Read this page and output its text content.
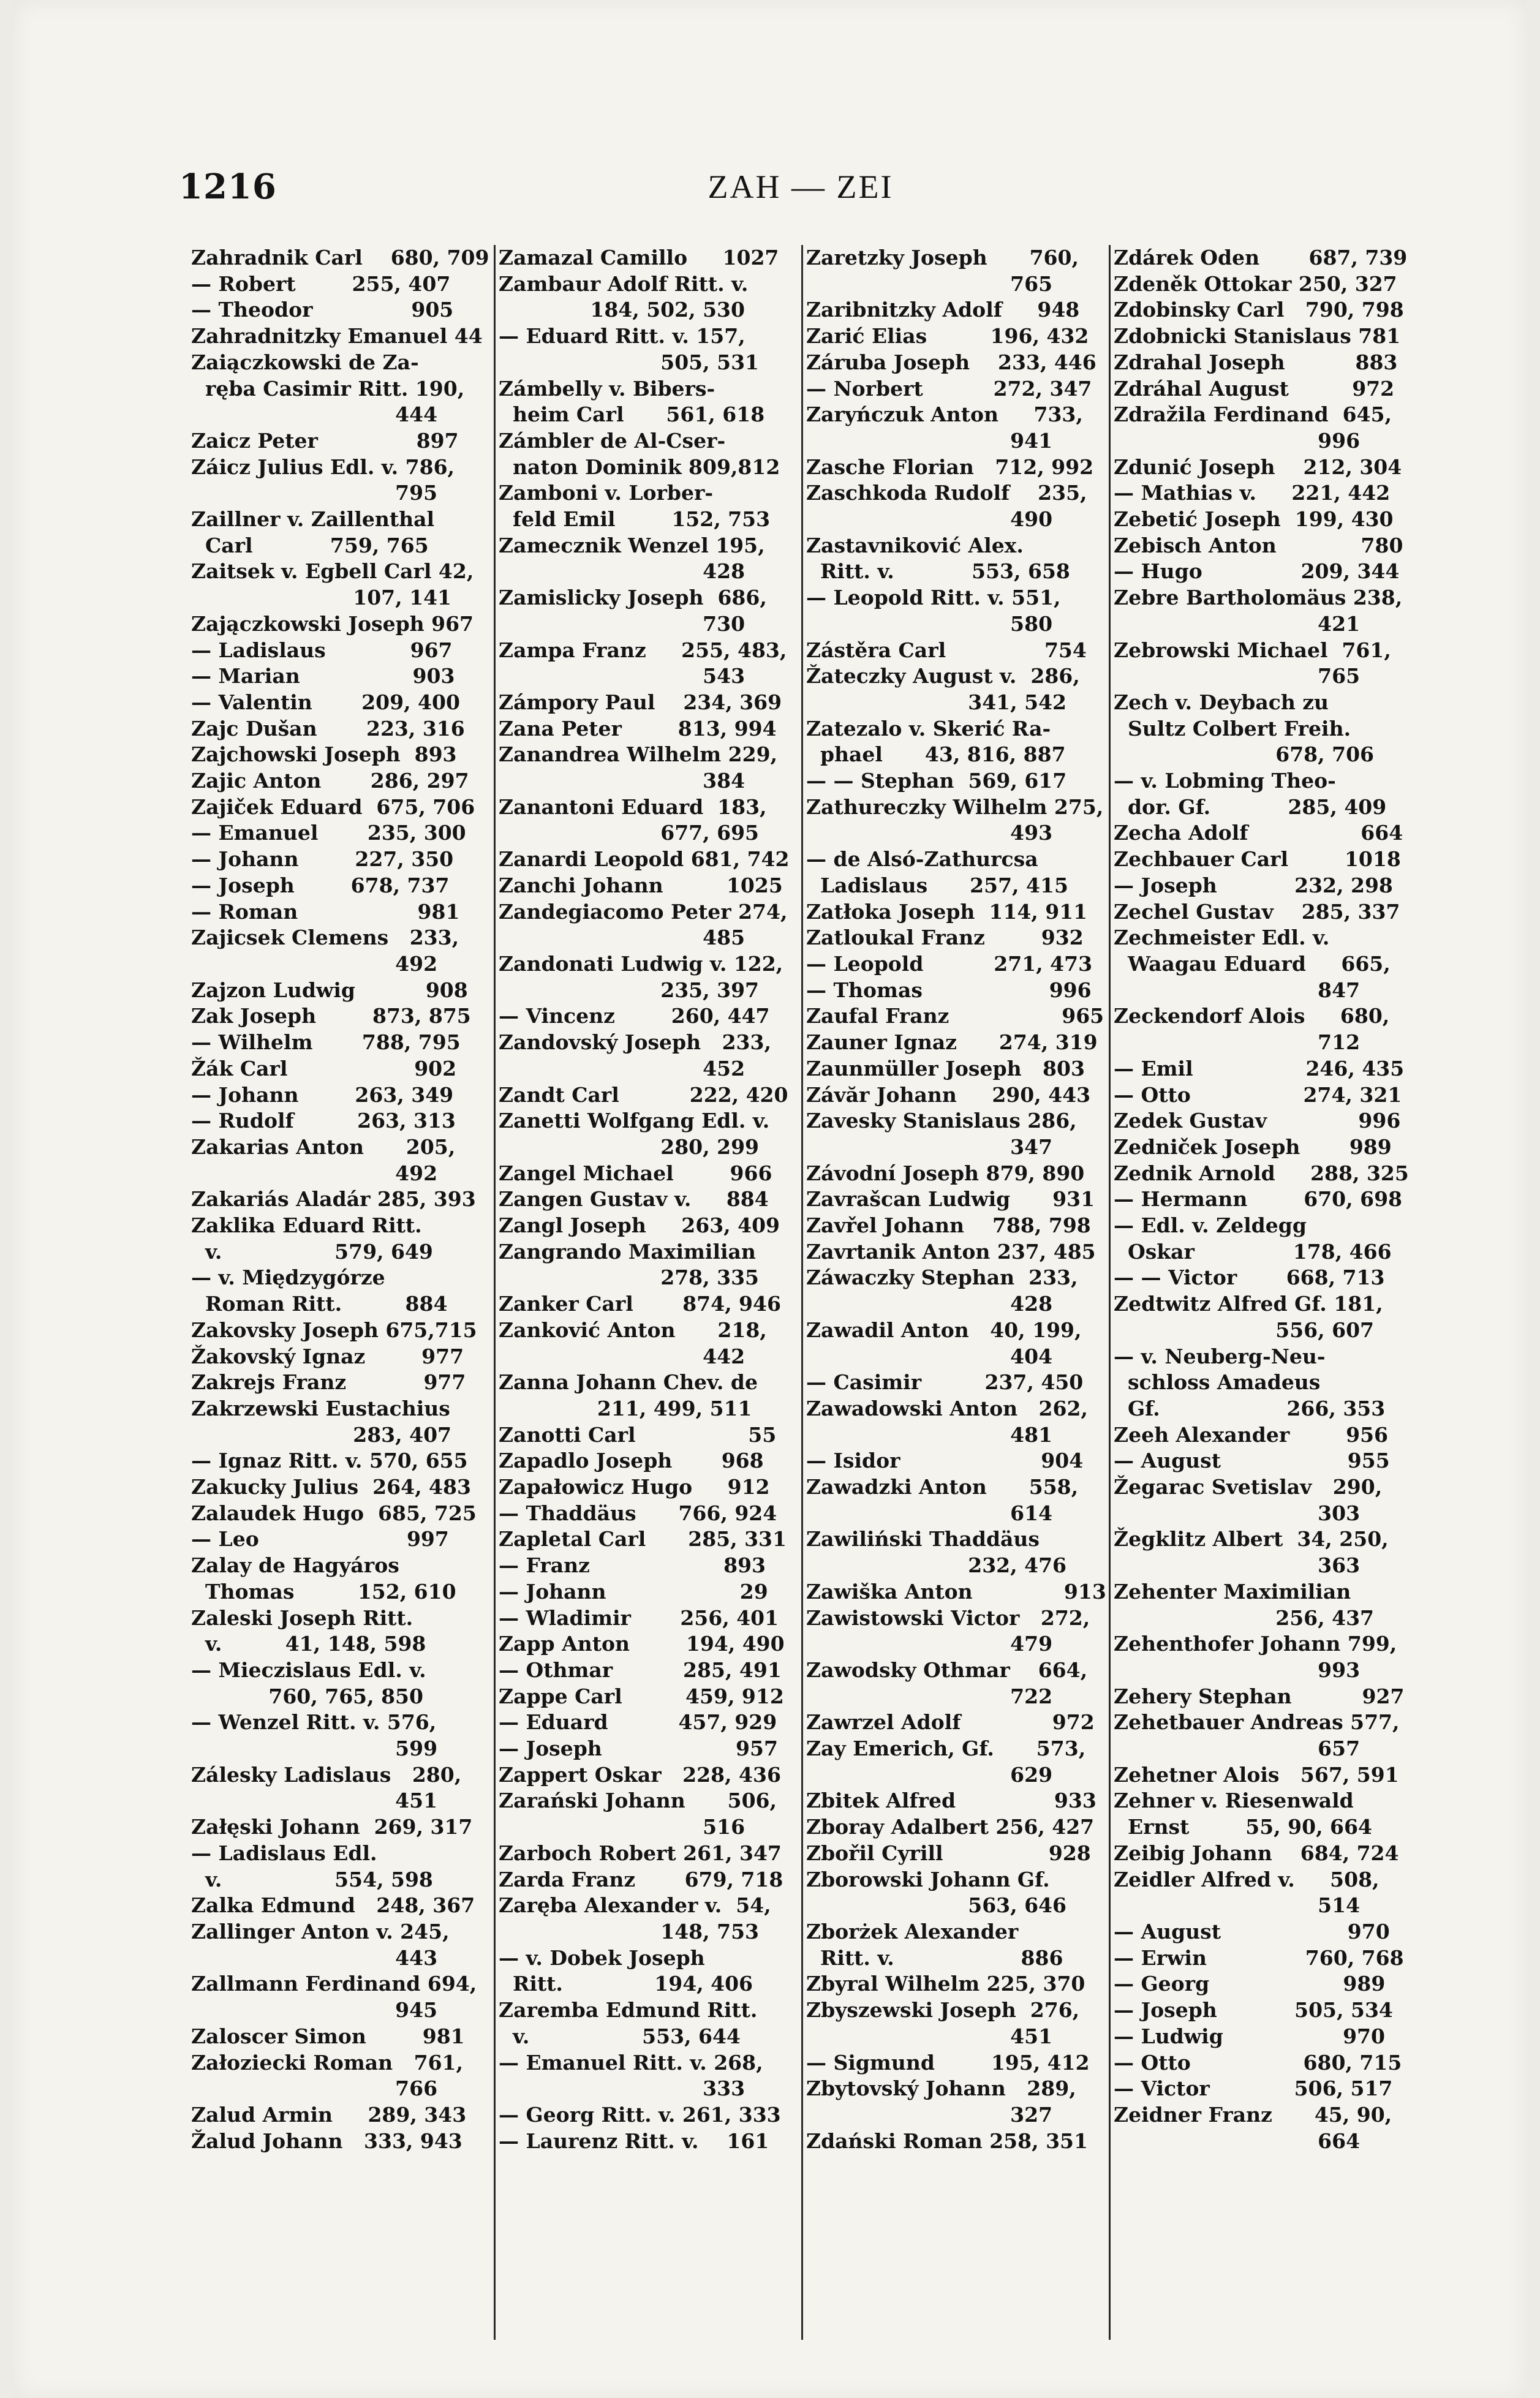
1216	ZAH — ZEI
Zahradnik Carl    680, 709
— Robert        255, 407
— Theodor              905
Zahradnitzky Emanuel 44
Zaiączkowski de Za-
ręba Casimir Ritt. 190,
444
Zaicz Peter              897
Záicz Julius Edl. v. 786,
795
Zaillner v. Zaillenthal
Carl           759, 765
Zaitsek v. Egbell Carl 42,
107, 141
Zajączkowski Joseph 967
— Ladislaus            967
— Marian                903
— Valentin       209, 400
Zajc Dušan       223, 316
Zajchowski Joseph  893
Zajic Anton       286, 297
Zajiček Eduard  675, 706
— Emanuel       235, 300
— Johann        227, 350
— Joseph        678, 737
— Roman                 981
Zajicsek Clemens   233,
492
Zajzon Ludwig          908
Zak Joseph        873, 875
— Wilhelm       788, 795
Žák Carl                  902
— Johann        263, 349
— Rudolf         263, 313
Zakarias Anton      205,
492
Zakariás Aladár 285, 393
Zaklika Eduard Ritt.
v.                579, 649
— v. Międzygórze
Roman Ritt.         884
Zakovsky Joseph 675,715
Žakovský Ignaz        977
Zakrejs Franz           977
Zakrzewski Eustachius
283, 407
— Ignaz Ritt. v. 570, 655
Zakucky Julius  264, 483
Zalaudek Hugo  685, 725
— Leo                     997
Zalay de Hagyáros
Thomas         152, 610
Zaleski Joseph Ritt.
v.         41, 148, 598
— Mieczislaus Edl. v.
760, 765, 850
— Wenzel Ritt. v. 576,
599
Zálesky Ladislaus   280,
451
Załęski Johann  269, 317
— Ladislaus Edl.
v.                554, 598
Zalka Edmund   248, 367
Zallinger Anton v. 245,
443
Zallmann Ferdinand 694,
945
Zaloscer Simon        981
Załoziecki Roman   761,
766
Zalud Armin     289, 343
Žalud Johann   333, 943
Zamazal Camillo     1027
Zambaur Adolf Ritt. v.
184, 502, 530
— Eduard Ritt. v. 157,
505, 531
Zámbelly v. Bibers-
heim Carl      561, 618
Zámbler de Al-Cser-
naton Dominik 809,812
Zamboni v. Lorber-
feld Emil        152, 753
Zamecznik Wenzel 195,
428
Zamislicky Joseph  686,
730
Zampa Franz     255, 483,
543
Zámpory Paul    234, 369
Zana Peter        813, 994
Zanandrea Wilhelm 229,
384
Zanantoni Eduard  183,
677, 695
Zanardi Leopold 681, 742
Zanchi Johann         1025
Zandegiacomo Peter 274,
485
Zandonati Ludwig v. 122,
235, 397
— Vincenz        260, 447
Zandovský Joseph   233,
452
Zandt Carl          222, 420
Zanetti Wolfgang Edl. v.
280, 299
Zangel Michael        966
Zangen Gustav v.     884
Zangl Joseph     263, 409
Zangrando Maximilian
278, 335
Zanker Carl       874, 946
Zanković Anton      218,
442
Zanna Johann Chev. de
211, 499, 511
Zanotti Carl                55
Zapadlo Joseph       968
Zapałowicz Hugo     912
— Thaddäus      766, 924
Zapletal Carl      285, 331
— Franz                   893
— Johann                   29
— Wladimir       256, 401
Zapp Anton        194, 490
— Othmar          285, 491
Zappe Carl         459, 912
— Eduard          457, 929
— Joseph                   957
Zappert Oskar   228, 436
Zarański Johann      506,
516
Zarboch Robert 261, 347
Zarda Franz       679, 718
Zaręba Alexander v.  54,
148, 753
— v. Dobek Joseph
Ritt.             194, 406
Zaremba Edmund Ritt.
v.                553, 644
— Emanuel Ritt. v. 268,
333
— Georg Ritt. v. 261, 333
— Laurenz Ritt. v.    161
Zaretzky Joseph      760,
765
Zaribnitzky Adolf     948
Zarić Elias         196, 432
Záruba Joseph    233, 446
— Norbert          272, 347
Zaryńczuk Anton     733,
941
Zasche Florian   712, 992
Zaschkoda Rudolf    235,
490
Zastavniković Alex.
Ritt. v.           553, 658
— Leopold Ritt. v. 551,
580
Zástěra Carl              754
Žateczky August v.  286,
341, 542
Zatezalo v. Skerić Ra-
phael      43, 816, 887
— — Stephan  569, 617
Zathureczky Wilhelm 275,
493
— de Alsó-Zathurcsa
Ladislaus      257, 415
Zatłoka Joseph  114, 911
Zatloukal Franz        932
— Leopold          271, 473
— Thomas                  996
Zaufal Franz                965
Zauner Ignaz      274, 319
Zaunmüller Joseph   803
Závăr Johann     290, 443
Zavesky Stanislaus 286,
347
Závodní Joseph 879, 890
Zavrašcan Ludwig      931
Zavřel Johann    788, 798
Zavrtanik Anton 237, 485
Záwaczky Stephan  233,
428
Zawadil Anton   40, 199,
404
— Casimir         237, 450
Zawadowski Anton   262,
481
— Isidor                    904
Zawadzki Anton      558,
614
Zawiliński Thaddäus
232, 476
Zawiška Anton             913
Zawistowski Victor   272,
479
Zawodsky Othmar    664,
722
Zawrzel Adolf             972
Zay Emerich, Gf.      573,
629
Zbitek Alfred              933
Zboray Adalbert 256, 427
Zbořil Cyrill               928
Zborowski Johann Gf.
563, 646
Zborżek Alexander
Ritt. v.                  886
Zbyral Wilhelm 225, 370
Zbyszewski Joseph  276,
451
— Sigmund        195, 412
Zbytovský Johann   289,
327
Zdański Roman 258, 351
Zdárek Oden       687, 739
Zdeněk Ottokar 250, 327
Zdobinsky Carl   790, 798
Zdobnicki Stanislaus 781
Zdrahal Joseph          883
Zdráhal August         972
Zdražila Ferdinand  645,
996
Zdunić Joseph    212, 304
— Mathias v.     221, 442
Zebetić Joseph  199, 430
Zebisch Anton            780
— Hugo              209, 344
Zebre Bartholomäus 238,
421
Zebrowski Michael  761,
765
Zech v. Deybach zu
Sultz Colbert Freih.
678, 706
— v. Lobming Theo-
dor. Gf.           285, 409
Zecha Adolf                664
Zechbauer Carl        1018
— Joseph           232, 298
Zechel Gustav    285, 337
Zechmeister Edl. v.
Waagau Eduard     665,
847
Zeckendorf Alois     680,
712
— Emil                246, 435
— Otto                274, 321
Zedek Gustav             996
Zedniček Joseph       989
Zednik Arnold     288, 325
— Hermann        670, 698
— Edl. v. Zeldegg
Oskar              178, 466
— — Victor       668, 713
Zedtwitz Alfred Gf. 181,
556, 607
— v. Neuberg-Neu-
schloss Amadeus
Gf.                  266, 353
Zeeh Alexander        956
— August                  955
Žegarac Svetislav   290,
303
Žegklitz Albert  34, 250,
363
Zehenter Maximilian
256, 437
Zehenthofer Johann 799,
993
Zehery Stephan          927
Zehetbauer Andreas 577,
657
Zehetner Alois   567, 591
Zehner v. Riesenwald
Ernst        55, 90, 664
Zeibig Johann    684, 724
Zeidler Alfred v.     508,
514
— August                  970
— Erwin              760, 768
— Georg                   989
— Joseph           505, 534
— Ludwig                 970
— Otto                680, 715
— Victor            506, 517
Zeidner Franz      45, 90,
664
